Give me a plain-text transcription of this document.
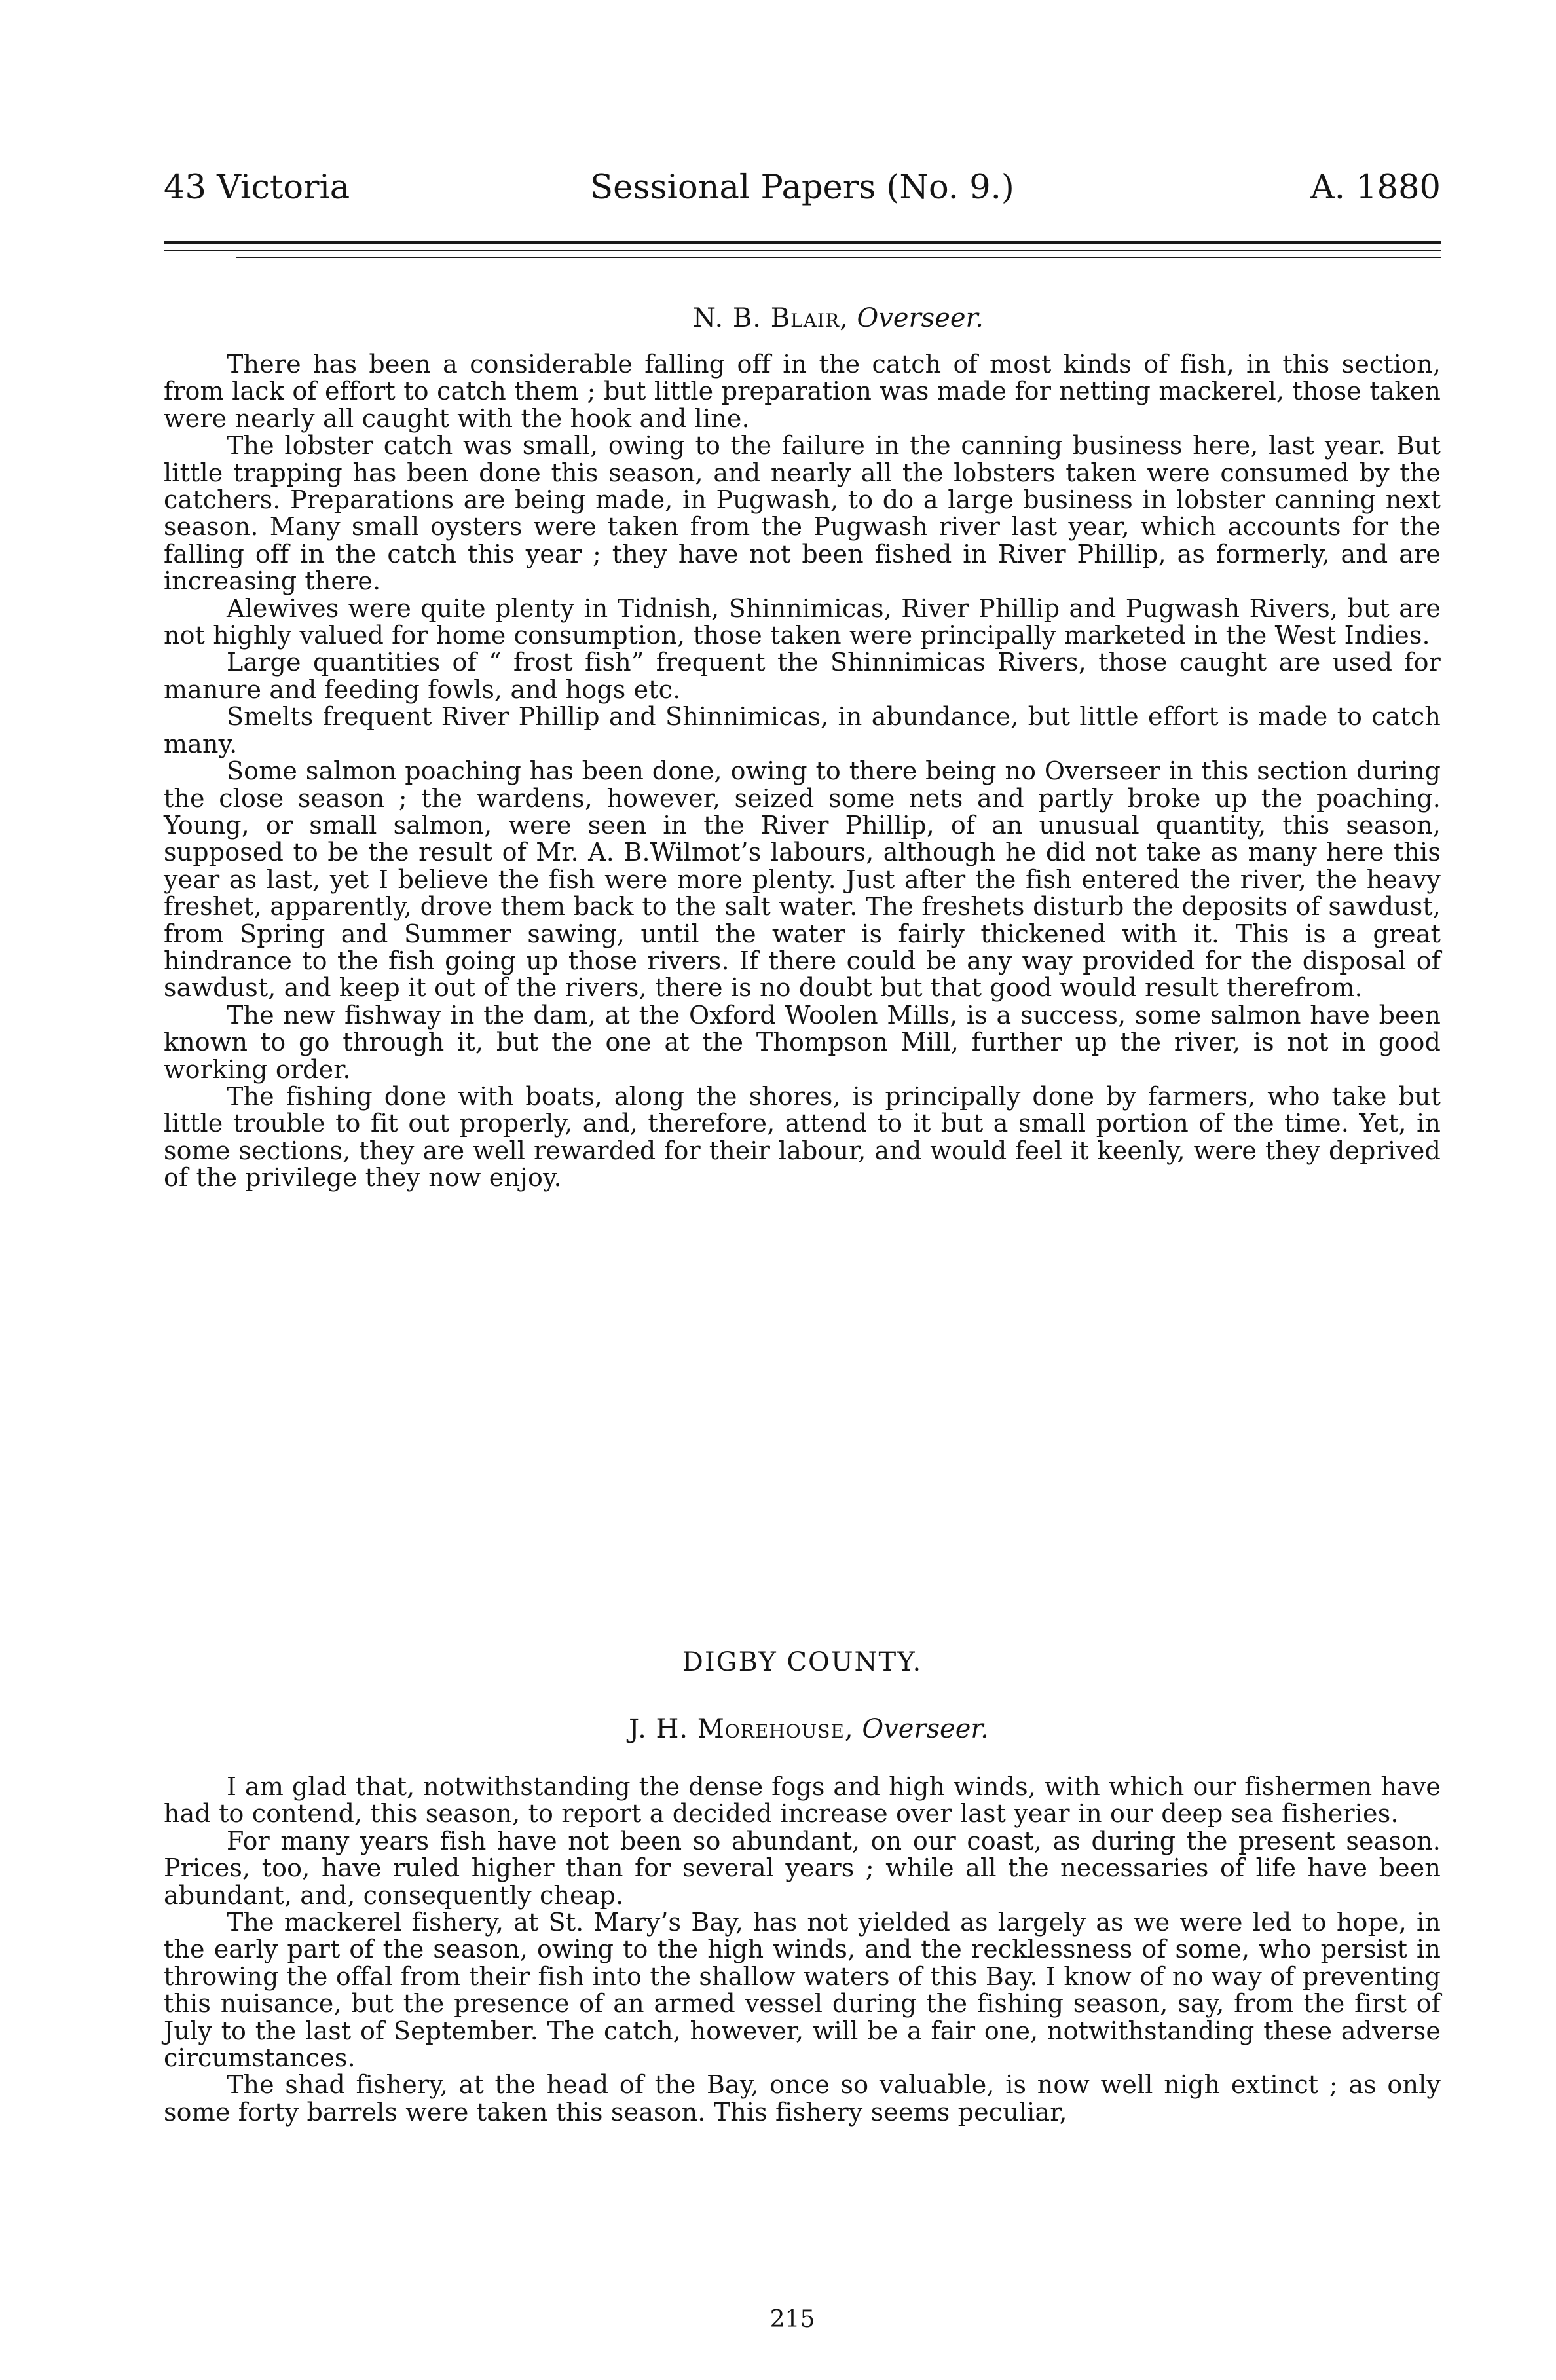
43 Victoria	Sessional Papers (No. 9.)	A. 1880

N. B. Blair, Overseer.

There has been a considerable falling off in the catch of most kinds of fish, in this section, from lack of effort to catch them ; but little preparation was made for netting mackerel, those taken were nearly all caught with the hook and line.

The lobster catch was small, owing to the failure in the canning business here, last year. But little trapping has been done this season, and nearly all the lobsters taken were consumed by the catchers. Preparations are being made, in Pugwash, to do a large business in lobster canning next season. Many small oysters were taken from the Pugwash river last year, which accounts for the falling off in the catch this year ; they have not been fished in River Phillip, as formerly, and are increasing there.

Alewives were quite plenty in Tidnish, Shinnimicas, River Phillip and Pugwash Rivers, but are not highly valued for home consumption, those taken were principally marketed in the West Indies.

Large quantities of “ frost fish” frequent the Shinnimicas Rivers, those caught are used for manure and feeding fowls, and hogs etc.

Smelts frequent River Phillip and Shinnimicas, in abundance, but little effort is made to catch many.

Some salmon poaching has been done, owing to there being no Overseer in this section during the close season ; the wardens, however, seized some nets and partly broke up the poaching. Young, or small salmon, were seen in the River Phillip, of an unusual quantity, this season, supposed to be the result of Mr. A. B.Wilmot’s labours, although he did not take as many here this year as last, yet I believe the fish were more plenty. Just after the fish entered the river, the heavy freshet, apparently, drove them back to the salt water. The freshets disturb the deposits of sawdust, from Spring and Summer sawing, until the water is fairly thickened with it. This is a great hindrance to the fish going up those rivers. If there could be any way provided for the disposal of sawdust, and keep it out of the rivers, there is no doubt but that good would result therefrom.

The new fishway in the dam, at the Oxford Woolen Mills, is a success, some salmon have been known to go through it, but the one at the Thompson Mill, further up the river, is not in good working order.

The fishing done with boats, along the shores, is principally done by farmers, who take but little trouble to fit out properly, and, therefore, attend to it but a small portion of the time. Yet, in some sections, they are well rewarded for their labour, and would feel it keenly, were they deprived of the privilege they now enjoy.

DIGBY COUNTY.

J. H. Morehouse, Overseer.

I am glad that, notwithstanding the dense fogs and high winds, with which our fishermen have had to contend, this season, to report a decided increase over last year in our deep sea fisheries.

For many years fish have not been so abundant, on our coast, as during the present season. Prices, too, have ruled higher than for several years ; while all the necessaries of life have been abundant, and, consequently cheap.

The mackerel fishery, at St. Mary’s Bay, has not yielded as largely as we were led to hope, in the early part of the season, owing to the high winds, and the recklessness of some, who persist in throwing the offal from their fish into the shallow waters of this Bay. I know of no way of preventing this nuisance, but the presence of an armed vessel during the fishing season, say, from the first of July to the last of September. The catch, however, will be a fair one, notwithstanding these adverse circumstances.

The shad fishery, at the head of the Bay, once so valuable, is now well nigh extinct ; as only some forty barrels were taken this season. This fishery seems peculiar,

215
